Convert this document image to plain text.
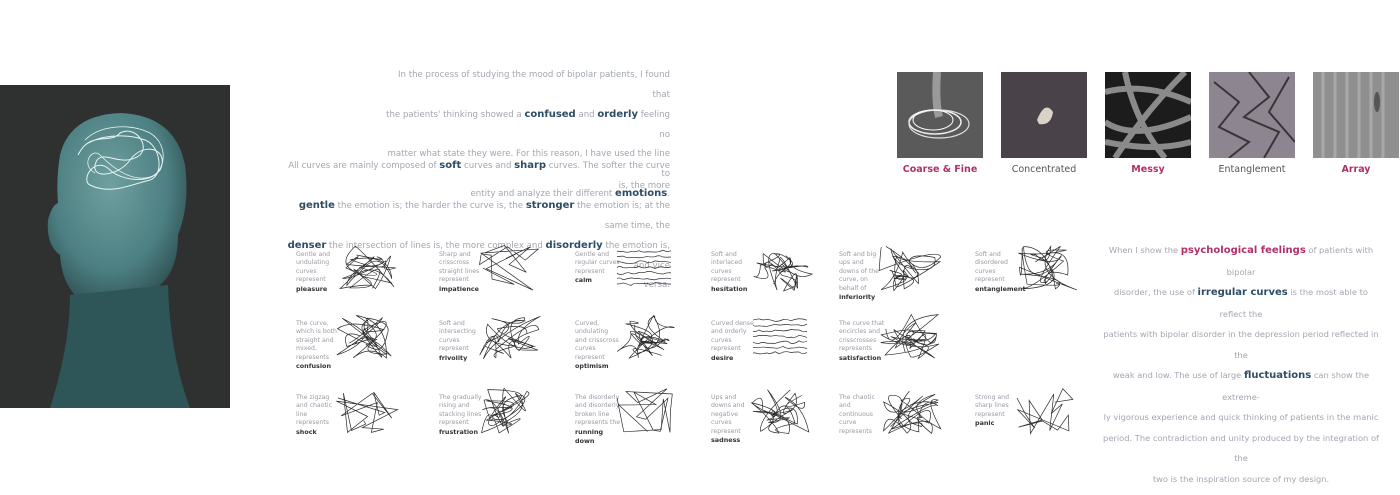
In the process of studying the mood of bipolar patients, I found that
the patients' thinking showed a confused and orderly feeling no
matter what state they were. For this reason, I have used the line to
entity and analyze their different emotions.
All curves are mainly composed of soft curves and sharp curves. The softer the curve is, the more
gentle the emotion is; the harder the curve is, the stronger the emotion is; at the same time, the
denser the intersection of lines is, the more complex and disorderly the emotion is, and vice
versa.
Coarse & Fine	Concentrated	Messy	Entanglement	Array
When I show the psychological feelings of patients with bipolar
disorder, the use of irregular curves is the most able to reflect the
patients with bipolar disorder in the depression period reflected in the
weak and low. The use of large fluctuations can show the extreme-
ly vigorous experience and quick thinking of patients in the manic
period. The contradiction and unity produced by the integration of the
two is the inspiration source of my design.
Gentle and undulating curves represent
pleasure
Sharp and crisscross straight lines represent
impatience
Gentle and regular curves represent
calm
Soft and interlaced curves represent
hesitation
Soft and big ups and downs of the curve, on behalf of
inferiority
Soft and disordered curves represent
entanglement
The curve, which is both straight and mixed, represents
confusion
Soft and intersecting curves represent
frivolity
Curved, undulating and crisscross curves represent
optimism
Curved dense and orderly curves represent
desire
The curve that encircles and crisscrosses represents
satisfaction
The zigzag and chaotic line represents
shock
The gradually rising and stacking lines represent
frustration
The disorderly and disorderly broken line represents the
running down
Ups and downs and negative curves represent
sadness
The chaotic and continuous curve represents
Strong and sharp lines represent
panic
